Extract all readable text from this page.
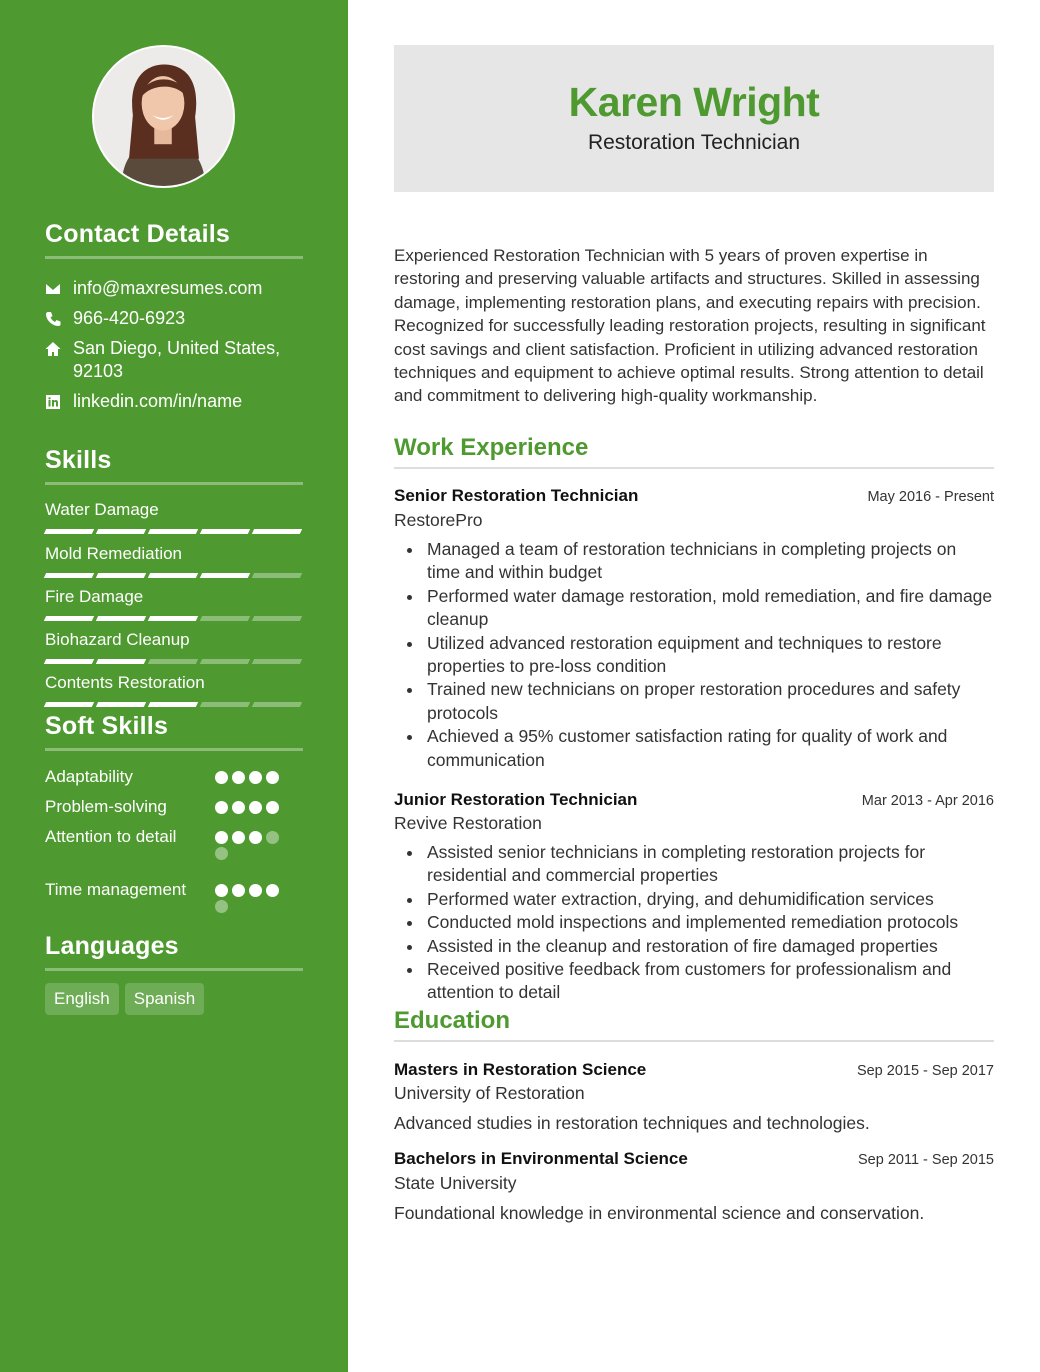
Contact Details
info@maxresumes.com
966-420-6923
San Diego, United States, 92103
linkedin.com/in/name
Skills
Water Damage
Mold Remediation
Fire Damage
Biohazard Cleanup
Contents Restoration
Soft Skills
Adaptability
Problem-solving
Attention to detail
Time management
Languages
English	Spanish
Karen Wright
Restoration Technician

Experienced Restoration Technician with 5 years of proven expertise in restoring and preserving valuable artifacts and structures. Skilled in assessing damage, implementing restoration plans, and executing repairs with precision. Recognized for successfully leading restoration projects, resulting in significant cost savings and client satisfaction. Proficient in utilizing advanced restoration techniques and equipment to achieve optimal results. Strong attention to detail and commitment to delivering high-quality workmanship.

Work Experience
Senior Restoration Technician	May 2016 - Present
RestorePro
Managed a team of restoration technicians in completing projects on time and within budget
Performed water damage restoration, mold remediation, and fire damage cleanup
Utilized advanced restoration equipment and techniques to restore properties to pre-loss condition
Trained new technicians on proper restoration procedures and safety protocols
Achieved a 95% customer satisfaction rating for quality of work and communication
Junior Restoration Technician	Mar 2013 - Apr 2016
Revive Restoration
Assisted senior technicians in completing restoration projects for residential and commercial properties
Performed water extraction, drying, and dehumidification services
Conducted mold inspections and implemented remediation protocols
Assisted in the cleanup and restoration of fire damaged properties
Received positive feedback from customers for professionalism and attention to detail
Education
Masters in Restoration Science	Sep 2015 - Sep 2017
University of Restoration
Advanced studies in restoration techniques and technologies.
Bachelors in Environmental Science	Sep 2011 - Sep 2015
State University
Foundational knowledge in environmental science and conservation.
